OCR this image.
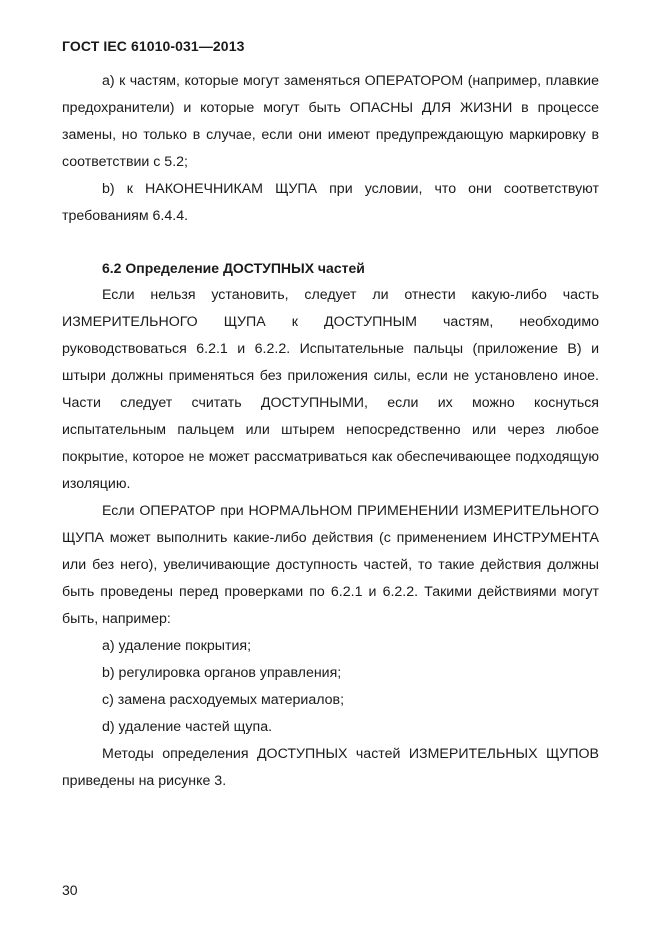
ГОСТ IEC 61010-031—2013

a) к частям, которые могут заменяться ОПЕРАТОРОМ (например, плавкие предохранители) и которые могут быть ОПАСНЫ ДЛЯ ЖИЗНИ в процессе замены, но только в случае, если они имеют предупреждающую маркировку в соответствии с 5.2;

b) к НАКОНЕЧНИКАМ ЩУПА при условии, что они соответствуют требованиям 6.4.4.

6.2 Определение ДОСТУПНЫХ частей

Если нельзя установить, следует ли отнести какую-либо часть ИЗМЕРИТЕЛЬНОГО ЩУПА к ДОСТУПНЫМ частям, необходимо руководствоваться 6.2.1 и 6.2.2. Испытательные пальцы (приложение В) и штыри должны применяться без приложения силы, если не установлено иное. Части следует считать ДОСТУПНЫМИ, если их можно коснуться испытательным пальцем или штырем непосредственно или через любое покрытие, которое не может рассматриваться как обеспечивающее подходящую изоляцию.

Если ОПЕРАТОР при НОРМАЛЬНОМ ПРИМЕНЕНИИ ИЗМЕРИТЕЛЬНОГО ЩУПА может выполнить какие-либо действия (с применением ИНСТРУМЕНТА или без него), увеличивающие доступность частей, то такие действия должны быть проведены перед проверками по 6.2.1 и 6.2.2. Такими действиями могут быть, например:

a) удаление покрытия;

b) регулировка органов управления;

c) замена расходуемых материалов;

d) удаление частей щупа.

Методы определения ДОСТУПНЫХ частей ИЗМЕРИТЕЛЬНЫХ ЩУПОВ приведены на рисунке 3.

30
